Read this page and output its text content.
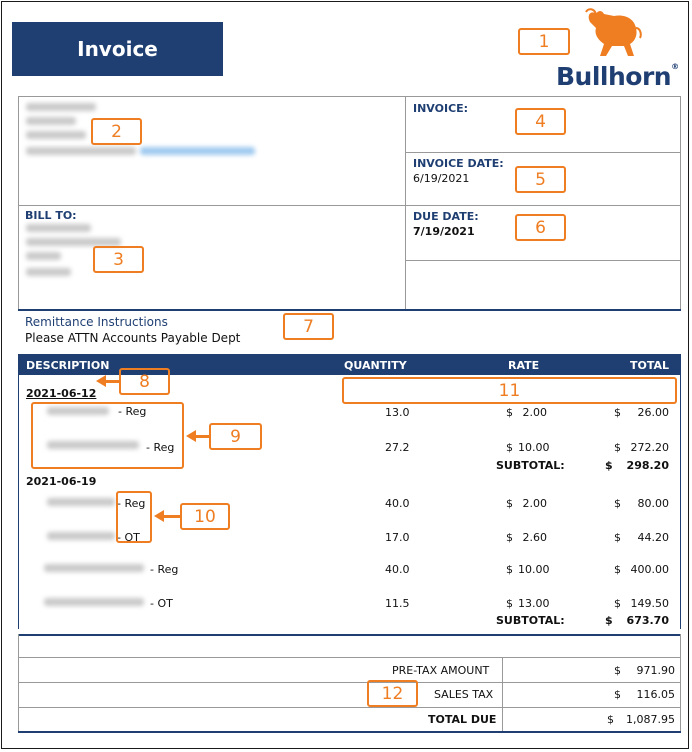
Invoice
Bullhorn®
BILL TO:
INVOICE:
INVOICE DATE:
6/19/2021
DUE DATE:
7/19/2021
Remittance Instructions
Please ATTN Accounts Payable Dept
DESCRIPTION	QUANTITY	RATE	TOTAL
2021-06-12
- Reg	13.0	$ 2.00	$	26.00
- Reg	27.2	$ 10.00	$ 272.20
SUBTOTAL:	$	298.20
2021-06-19
- Reg	40.0	$ 2.00	$	80.00
- OT	17.0	$ 2.60	$	44.20
- Reg	40.0	$ 10.00	$ 400.00
- OT	11.5	$ 13.00	$ 149.50
SUBTOTAL:	$	673.70
PRE-TAX AMOUNT	$	971.90
SALES TAX	$	116.05
TOTAL DUE	$	1,087.95
1
2
3
4
5
6
7
8
9
10
11
12
